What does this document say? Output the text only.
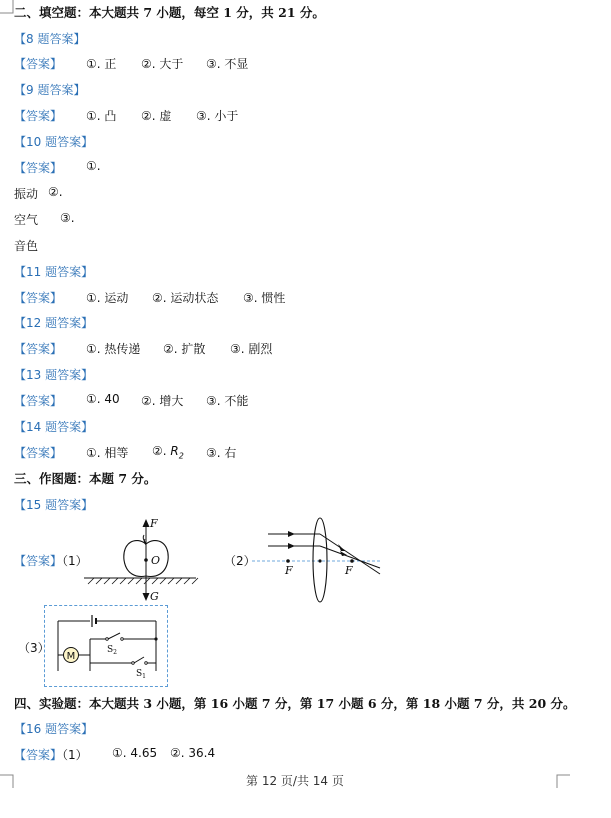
二、填空题：本大题共 7 小题，每空 1 分，共 21 分。
【8 题答案】
【答案】 ①. 正 ②. 大于 ③. 不显
【9 题答案】
【答案】 ①. 凸 ②. 虚 ③. 小于
【10 题答案】
【答案】 ①.
振动 ②.
空气 ③.
音色
【11 题答案】
【答案】 ①. 运动 ②. 运动状态 ③. 惯性
【12 题答案】
【答案】 ①. 热传递 ②. 扩散 ③. 剧烈
【13 题答案】
【答案】 ①. 40 ②. 增大 ③. 不能
【14 题答案】
【答案】 ①. 相等 ②. $R_2$ ③. 右
三、作图题：本题 7 分。
【15 题答案】
【答案】（1）
F
O
G
（2）
F	F
（3）
M
$S_2$
$S_1$
四、实验题：本大题共 3 小题，第 16 小题 7 分，第 17 小题 6 分，第 18 小题 7 分，共 20 分。
【16 题答案】
【答案】（1） ①. 4.65 ②. 36.4
第 12 页/共 14 页
